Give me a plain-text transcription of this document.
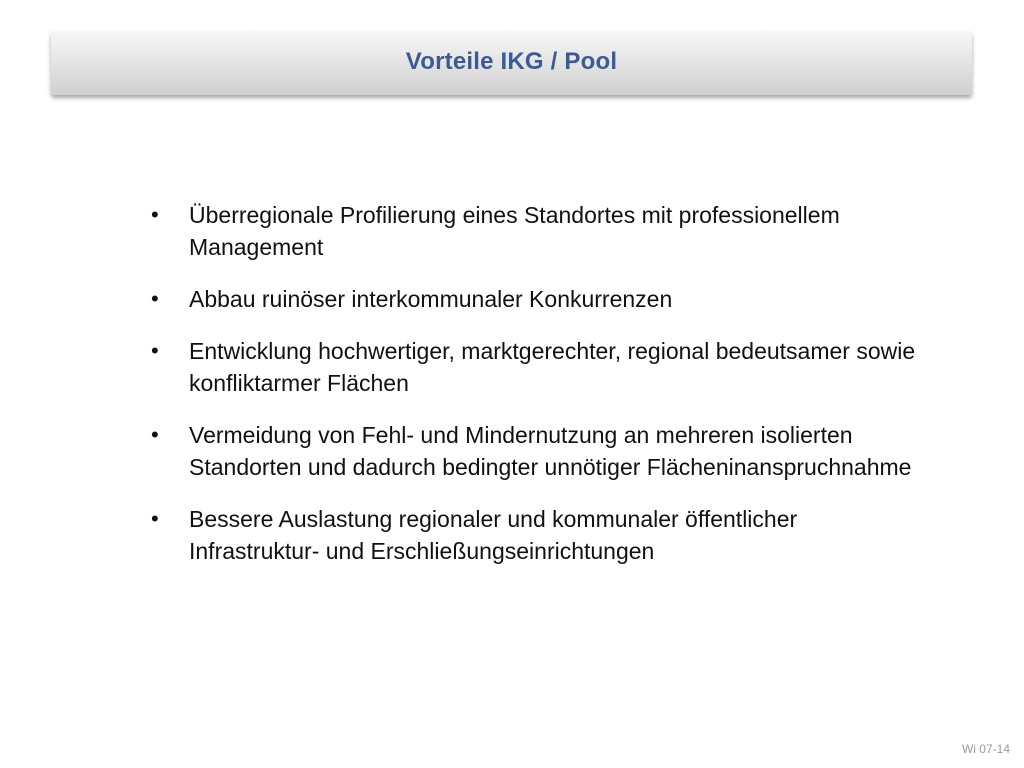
Vorteile IKG / Pool
• Überregionale Profilierung eines Standortes mit professionellem Management
• Abbau ruinöser interkommunaler Konkurrenzen
• Entwicklung hochwertiger, marktgerechter, regional bedeutsamer sowie konfliktarmer Flächen
• Vermeidung von Fehl- und Mindernutzung an mehreren isolierten Standorten und dadurch bedingter unnötiger Flächeninanspruchnahme
• Bessere Auslastung regionaler und kommunaler öffentlicher Infrastruktur- und Erschließungseinrichtungen
Wi 07-14
